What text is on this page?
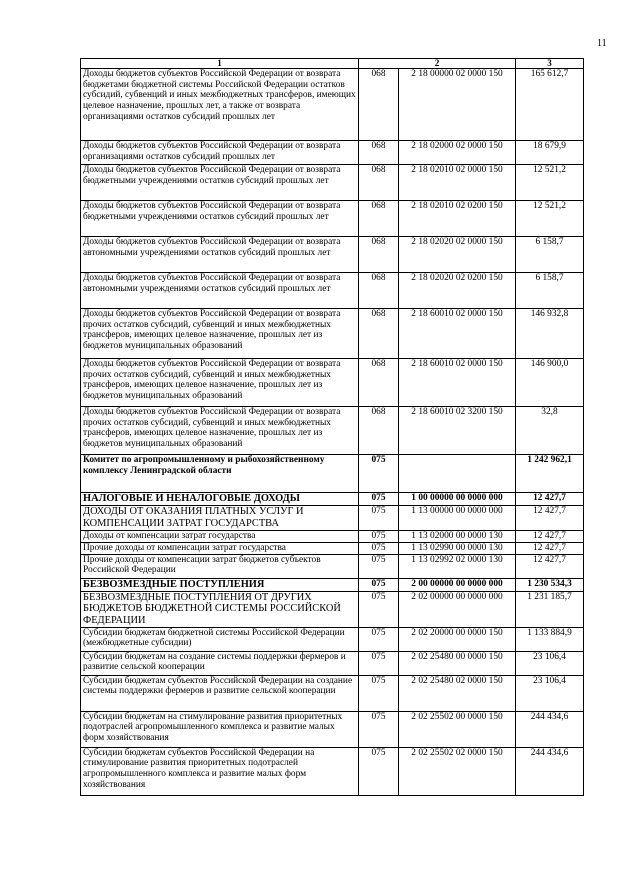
11
1	2		3
Доходы бюджетов субъектов Российской Федерации от возврата бюджетами бюджетной системы Российской Федерации остатков субсидий, субвенций и иных межбюджетных трансферов, имеющих целевое назначение, прошлых лет, а также от возврата организациями остатков субсидий прошлых лет	068	2 18 00000 02 0000 150	165 612,7
Доходы бюджетов субъектов Российской Федерации от возврата организациями остатков субсидий прошлых лет	068	2 18 02000 02 0000 150	18 679,9
Доходы бюджетов субъектов Российской Федерации от возврата бюджетными учреждениями остатков субсидий прошлых лет	068	2 18 02010 02 0000 150	12 521,2
Доходы бюджетов субъектов Российской Федерации от возврата бюджетными учреждениями остатков субсидий прошлых лет	068	2 18 02010 02 0200 150	12 521,2
Доходы бюджетов субъектов Российской Федерации от возврата автономными учреждениями остатков субсидий прошлых лет	068	2 18 02020 02 0000 150	6 158,7
Доходы бюджетов субъектов Российской Федерации от возврата автономными учреждениями остатков субсидий прошлых лет	068	2 18 02020 02 0200 150	6 158,7
Доходы бюджетов субъектов Российской Федерации от возврата прочих остатков субсидий, субвенций и иных межбюджетных трансферов, имеющих целевое назначение, прошлых лет из бюджетов муниципальных образований	068	2 18 60010 02 0000 150	146 932,8
Доходы бюджетов субъектов Российской Федерации от возврата прочих остатков субсидий, субвенций и иных межбюджетных трансферов, имеющих целевое назначение, прошлых лет из бюджетов муниципальных образований	068	2 18 60010 02 0000 150	146 900,0
Доходы бюджетов субъектов Российской Федерации от возврата прочих остатков субсидий, субвенций и иных межбюджетных трансферов, имеющих целевое назначение, прошлых лет из бюджетов муниципальных образований	068	2 18 60010 02 3200 150	32,8
Комитет по агропромышленному и рыбохозяйственному комплексу Ленинградской области	075		1 242 962,1
НАЛОГОВЫЕ И НЕНАЛОГОВЫЕ ДОХОДЫ	075	1 00 00000 00 0000 000	12 427,7
ДОХОДЫ ОТ ОКАЗАНИЯ ПЛАТНЫХ УСЛУГ И КОМПЕНСАЦИИ ЗАТРАТ ГОСУДАРСТВА	075	1 13 00000 00 0000 000	12 427,7
Доходы от компенсации затрат государства	075	1 13 02000 00 0000 130	12 427,7
Прочие доходы от компенсации затрат государства	075	1 13 02990 00 0000 130	12 427,7
Прочие доходы от компенсации затрат бюджетов субъектов Российской Федерации	075	1 13 02992 02 0000 130	12 427,7
БЕЗВОЗМЕЗДНЫЕ ПОСТУПЛЕНИЯ	075	2 00 00000 00 0000 000	1 230 534,3
БЕЗВОЗМЕЗДНЫЕ ПОСТУПЛЕНИЯ ОТ ДРУГИХ БЮДЖЕТОВ БЮДЖЕТНОЙ СИСТЕМЫ РОССИЙСКОЙ ФЕДЕРАЦИИ	075	2 02 00000 00 0000 000	1 231 185,7
Субсидии бюджетам бюджетной системы Российской Федерации (межбюджетные субсидии)	075	2 02 20000 00 0000 150	1 133 884,9
Субсидии бюджетам на создание системы поддержки фермеров и развитие сельской кооперации	075	2 02 25480 00 0000 150	23 106,4
Субсидии бюджетам субъектов Российской Федерации на создание системы поддержки фермеров и развитие сельской кооперации	075	2 02 25480 02 0000 150	23 106,4
Субсидии бюджетам на стимулирование развития приоритетных подотраслей агропромышленного комплекса и развитие малых форм хозяйствования	075	2 02 25502 00 0000 150	244 434,6
Субсидии бюджетам субъектов Российской Федерации на стимулирование развития приоритетных подотраслей агропромышленного комплекса и развитие малых форм хозяйствования	075	2 02 25502 02 0000 150	244 434,6
